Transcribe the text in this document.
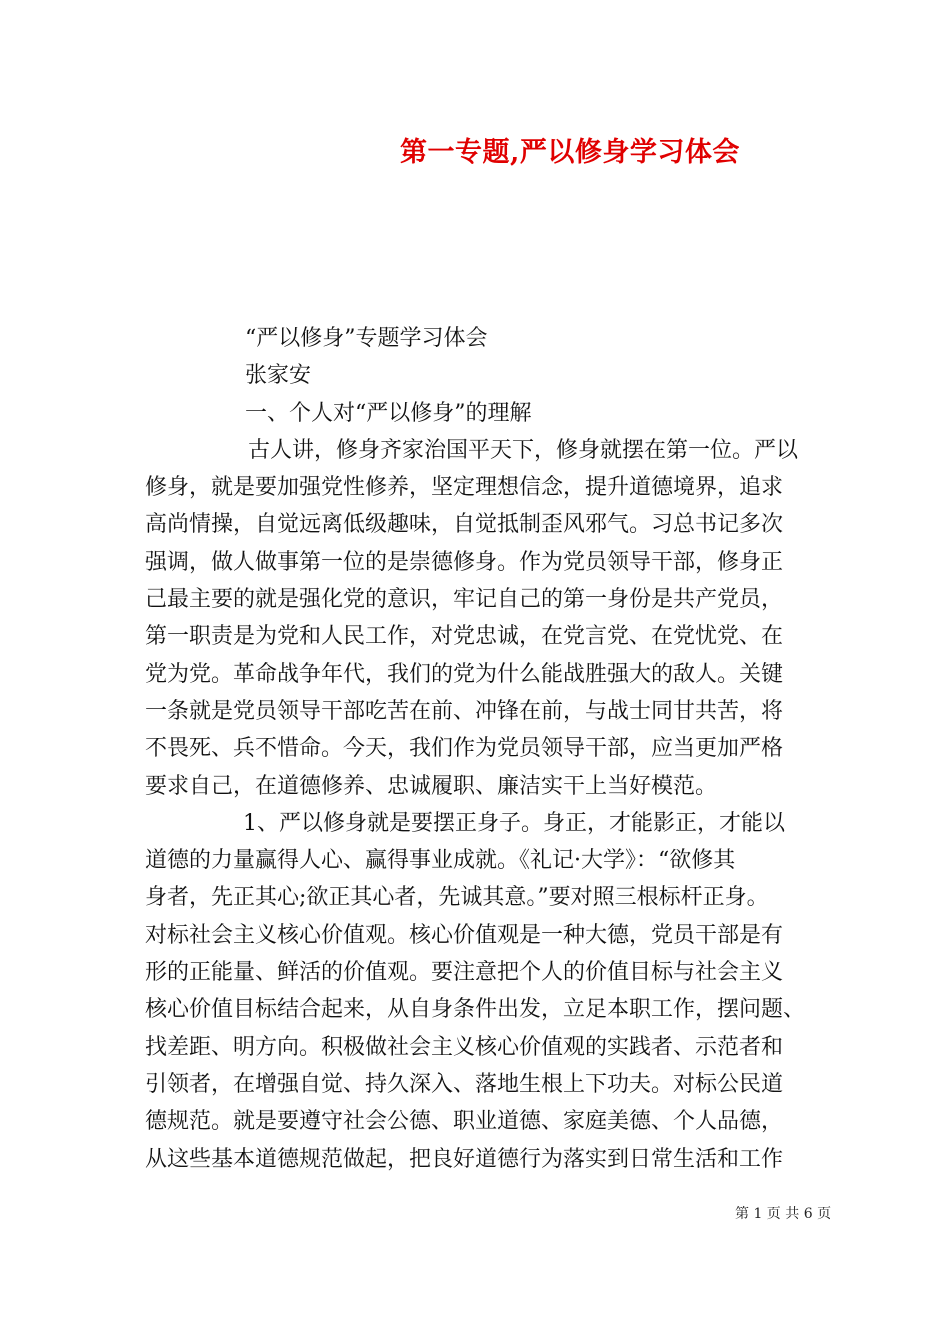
第一专题,严以修身学习体会

“严以修身”专题学习体会

张家安

一、个人对“严以修身”的理解

古人讲，修身齐家治国平天下，修身就摆在第一位。严以

修身，就是要加强党性修养，坚定理想信念，提升道德境界，追求

高尚情操，自觉远离低级趣味，自觉抵制歪风邪气。习总书记多次

强调，做人做事第一位的是崇德修身。作为党员领导干部，修身正

己最主要的就是强化党的意识，牢记自己的第一身份是共产党员，

第一职责是为党和人民工作，对党忠诚，在党言党、在党忧党、在

党为党。革命战争年代，我们的党为什么能战胜强大的敌人。关键

一条就是党员领导干部吃苦在前、冲锋在前，与战士同甘共苦，将

不畏死、兵不惜命。今天，我们作为党员领导干部，应当更加严格

要求自己，在道德修养、忠诚履职、廉洁实干上当好模范。

1、严以修身就是要摆正身子。身正，才能影正，才能以

道德的力量赢得人心、赢得事业成就。《礼记·大学》：“欲修其

身者，先正其心;欲正其心者，先诚其意。”要对照三根标杆正身。

对标社会主义核心价值观。核心价值观是一种大德，党员干部是有

形的正能量、鲜活的价值观。要注意把个人的价值目标与社会主义

核心价值目标结合起来，从自身条件出发，立足本职工作，摆问题、

找差距、明方向。积极做社会主义核心价值观的实践者、示范者和

引领者，在增强自觉、持久深入、落地生根上下功夫。对标公民道

德规范。就是要遵守社会公德、职业道德、家庭美德、个人品德，

从这些基本道德规范做起，把良好道德行为落实到日常生活和工作

第 1 页 共 6 页
